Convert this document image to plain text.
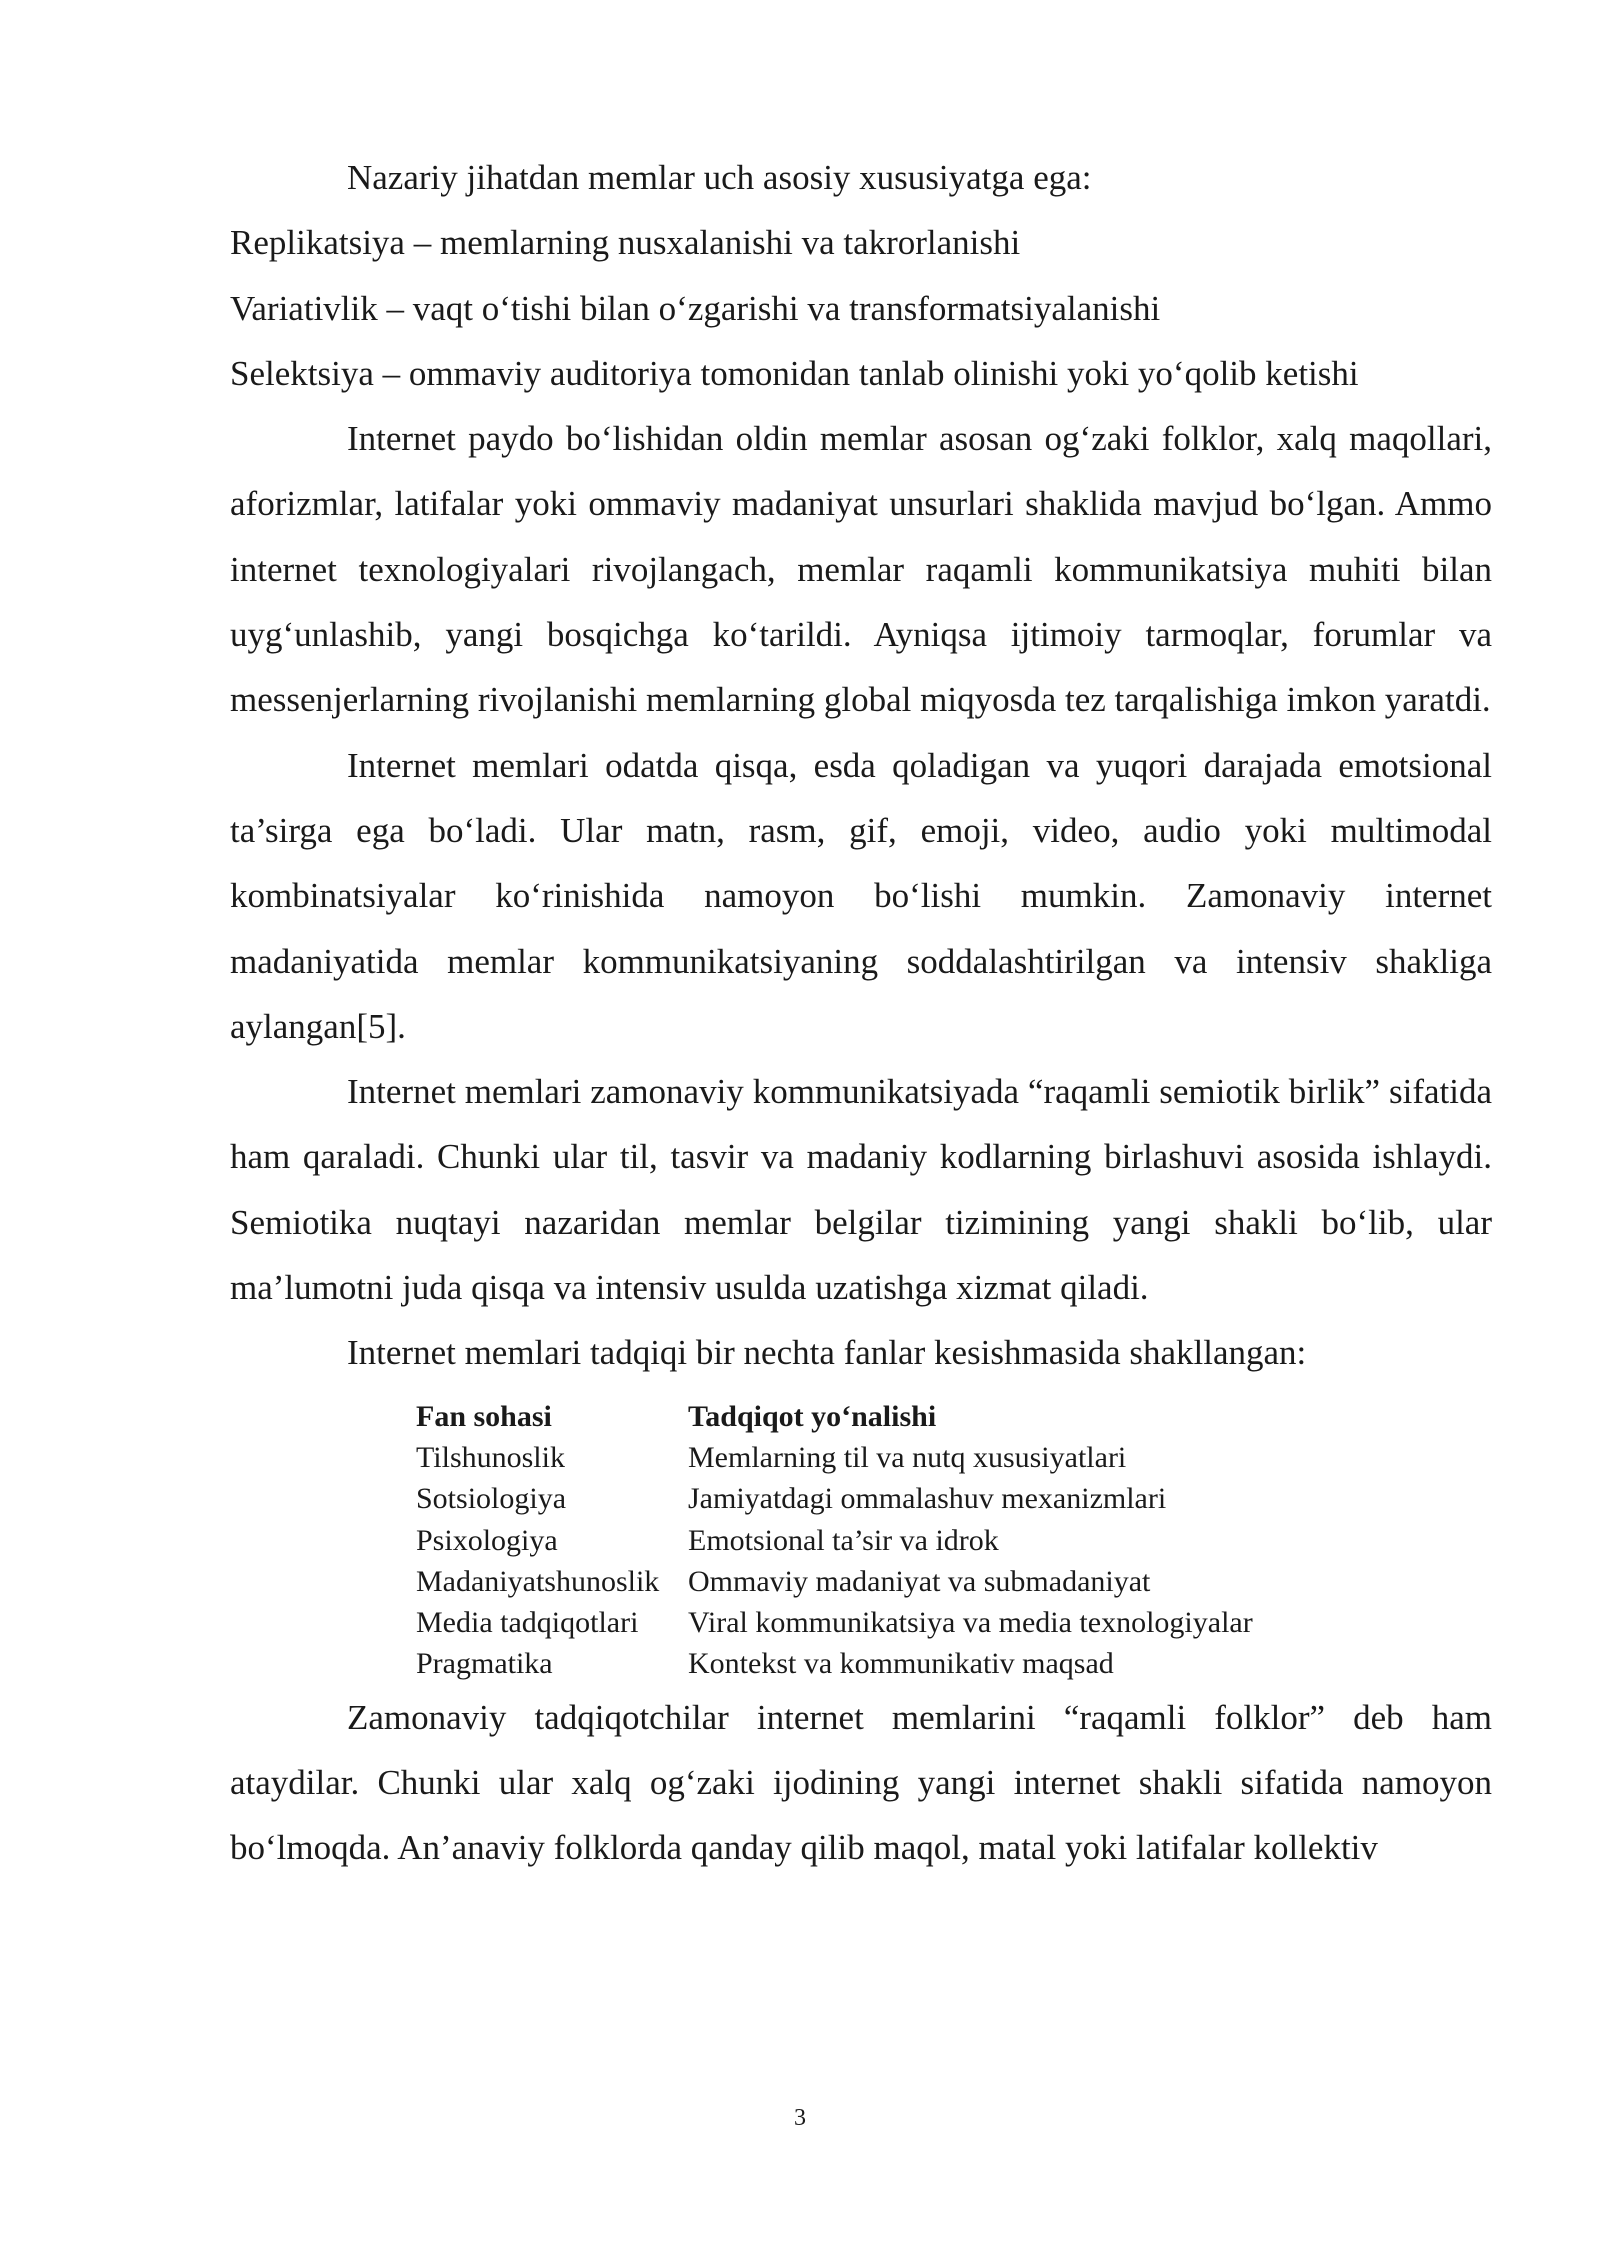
Nazariy jihatdan memlar uch asosiy xususiyatga ega:

Replikatsiya – memlarning nusxalanishi va takrorlanishi

Variativlik – vaqt o‘tishi bilan o‘zgarishi va transformatsiyalanishi

Selektsiya – ommaviy auditoriya tomonidan tanlab olinishi yoki yo‘qolib ketishi

Internet paydo bo‘lishidan oldin memlar asosan og‘zaki folklor, xalq maqollari, aforizmlar, latifalar yoki ommaviy madaniyat unsurlari shaklida mavjud bo‘lgan. Ammo internet texnologiyalari rivojlangach, memlar raqamli kommunikatsiya muhiti bilan uyg‘unlashib, yangi bosqichga ko‘tarildi. Ayniqsa ijtimoiy tarmoqlar, forumlar va messenjerlarning rivojlanishi memlarning global miqyosda tez tarqalishiga imkon yaratdi.

Internet memlari odatda qisqa, esda qoladigan va yuqori darajada emotsional ta’sirga ega bo‘ladi. Ular matn, rasm, gif, emoji, video, audio yoki multimodal kombinatsiyalar ko‘rinishida namoyon bo‘lishi mumkin. Zamonaviy internet madaniyatida memlar kommunikatsiyaning soddalashtirilgan va intensiv shakliga aylangan[5].

Internet memlari zamonaviy kommunikatsiyada “raqamli semiotik birlik” sifatida ham qaraladi. Chunki ular til, tasvir va madaniy kodlarning birlashuvi asosida ishlaydi. Semiotika nuqtayi nazaridan memlar belgilar tizimining yangi shakli bo‘lib, ular ma’lumotni juda qisqa va intensiv usulda uzatishga xizmat qiladi.

Internet memlari tadqiqi bir nechta fanlar kesishmasida shakllangan:

Fan sohasi	Tadqiqot yo‘nalishi
Tilshunoslik	Memlarning til va nutq xususiyatlari
Sotsiologiya	Jamiyatdagi ommalashuv mexanizmlari
Psixologiya	Emotsional ta’sir va idrok
Madaniyatshunoslik	Ommaviy madaniyat va submadaniyat
Media tadqiqotlari	Viral kommunikatsiya va media texnologiyalar
Pragmatika	Kontekst va kommunikativ maqsad

Zamonaviy tadqiqotchilar internet memlarini “raqamli folklor” deb ham ataydilar. Chunki ular xalq og‘zaki ijodining yangi internet shakli sifatida namoyon bo‘lmoqda. An’anaviy folklorda qanday qilib maqol, matal yoki latifalar kollektiv

3
